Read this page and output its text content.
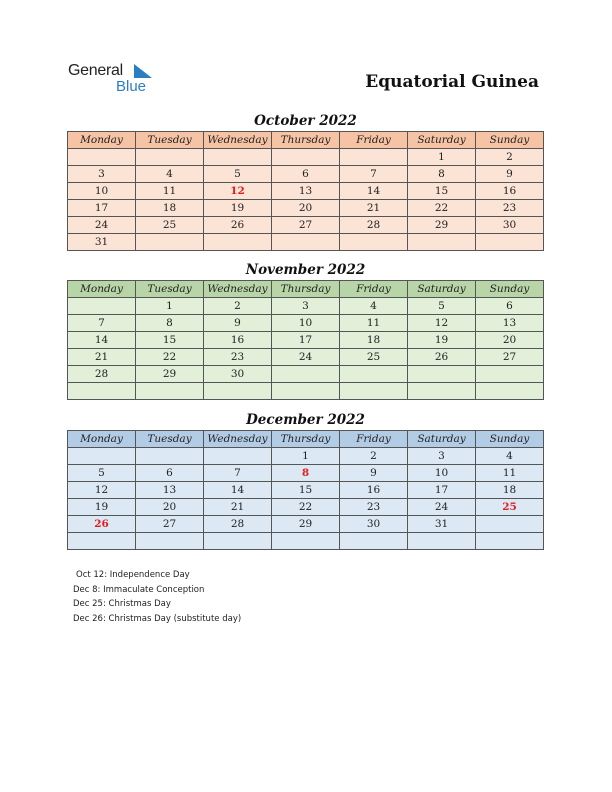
General
Blue	Equatorial Guinea
October 2022
Monday	Tuesday	Wednesday	Thursday	Friday	Saturday	Sunday
					1	2
3	4	5	6	7	8	9
10	11	12	13	14	15	16
17	18	19	20	21	22	23
24	25	26	27	28	29	30
31						
November 2022
Monday	Tuesday	Wednesday	Thursday	Friday	Saturday	Sunday
	1	2	3	4	5	6
7	8	9	10	11	12	13
14	15	16	17	18	19	20
21	22	23	24	25	26	27
28	29	30				

December 2022
Monday	Tuesday	Wednesday	Thursday	Friday	Saturday	Sunday
			1	2	3	4
5	6	7	8	9	10	11
12	13	14	15	16	17	18
19	20	21	22	23	24	25
26	27	28	29	30	31	

Oct 12: Independence Day
Dec 8: Immaculate Conception
Dec 25: Christmas Day
Dec 26: Christmas Day (substitute day)
